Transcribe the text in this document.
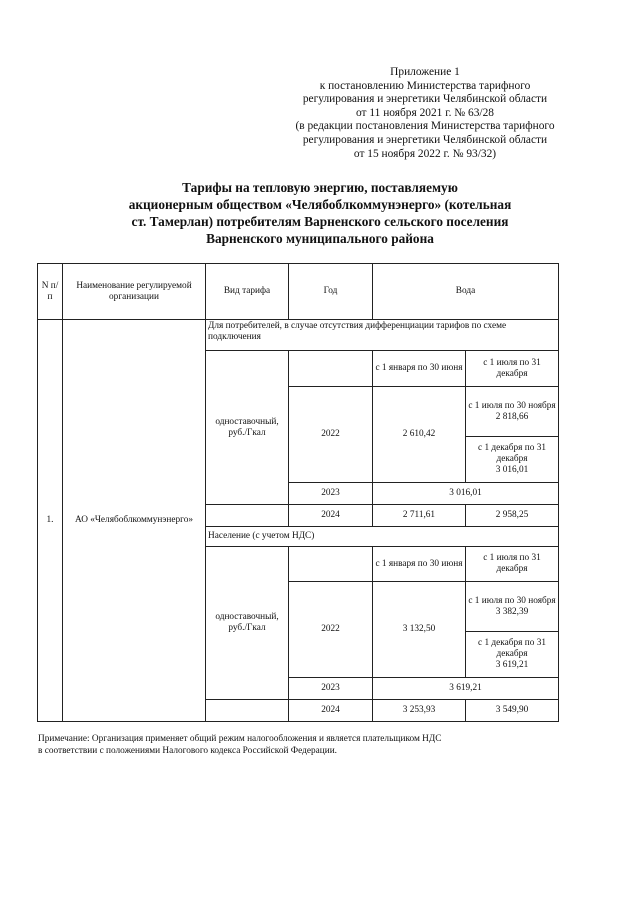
Приложение 1
к постановлению Министерства тарифного
регулирования и энергетики Челябинской области
от 11 ноября 2021 г. № 63/28
(в редакции постановления Министерства тарифного
регулирования и энергетики Челябинской области
от 15 ноября 2022 г. № 93/32)
Тарифы на тепловую энергию, поставляемую
акционерным обществом «Челябоблкоммунэнерго» (котельная
ст. Тамерлан) потребителям Варненского сельского поселения
Варненского муниципального района
N п/п	Наименование регулируемой организации	Вид тарифа	Год	Вода	
1.	АО «Челябоблкоммунэнерго»	Для потребителей, в случае отсутствия дифференциации тарифов по схеме подключения			
		одноставочный, руб./Гкал		с 1 января по 30 июня	с 1 июля по 31 декабря
			2022	2 610,42	с 1 июля по 30 ноября
2 818,66

					с 1 декабря по 31 декабря
3 016,01

			2023	3 016,01	
			2024	2 711,61	2 958,25
		Население (с учетом НДС)			
		одноставочный, руб./Гкал		с 1 января по 30 июня	с 1 июля по 31 декабря
			2022	3 132,50	с 1 июля по 30 ноября
3 382,39

					с 1 декабря по 31 декабря
3 619,21

			2023	3 619,21	
			2024	3 253,93	3 549,90
Примечание: Организация применяет общий режим налогообложения и является плательщиком НДС
в соответствии с положениями Налогового кодекса Российской Федерации.
